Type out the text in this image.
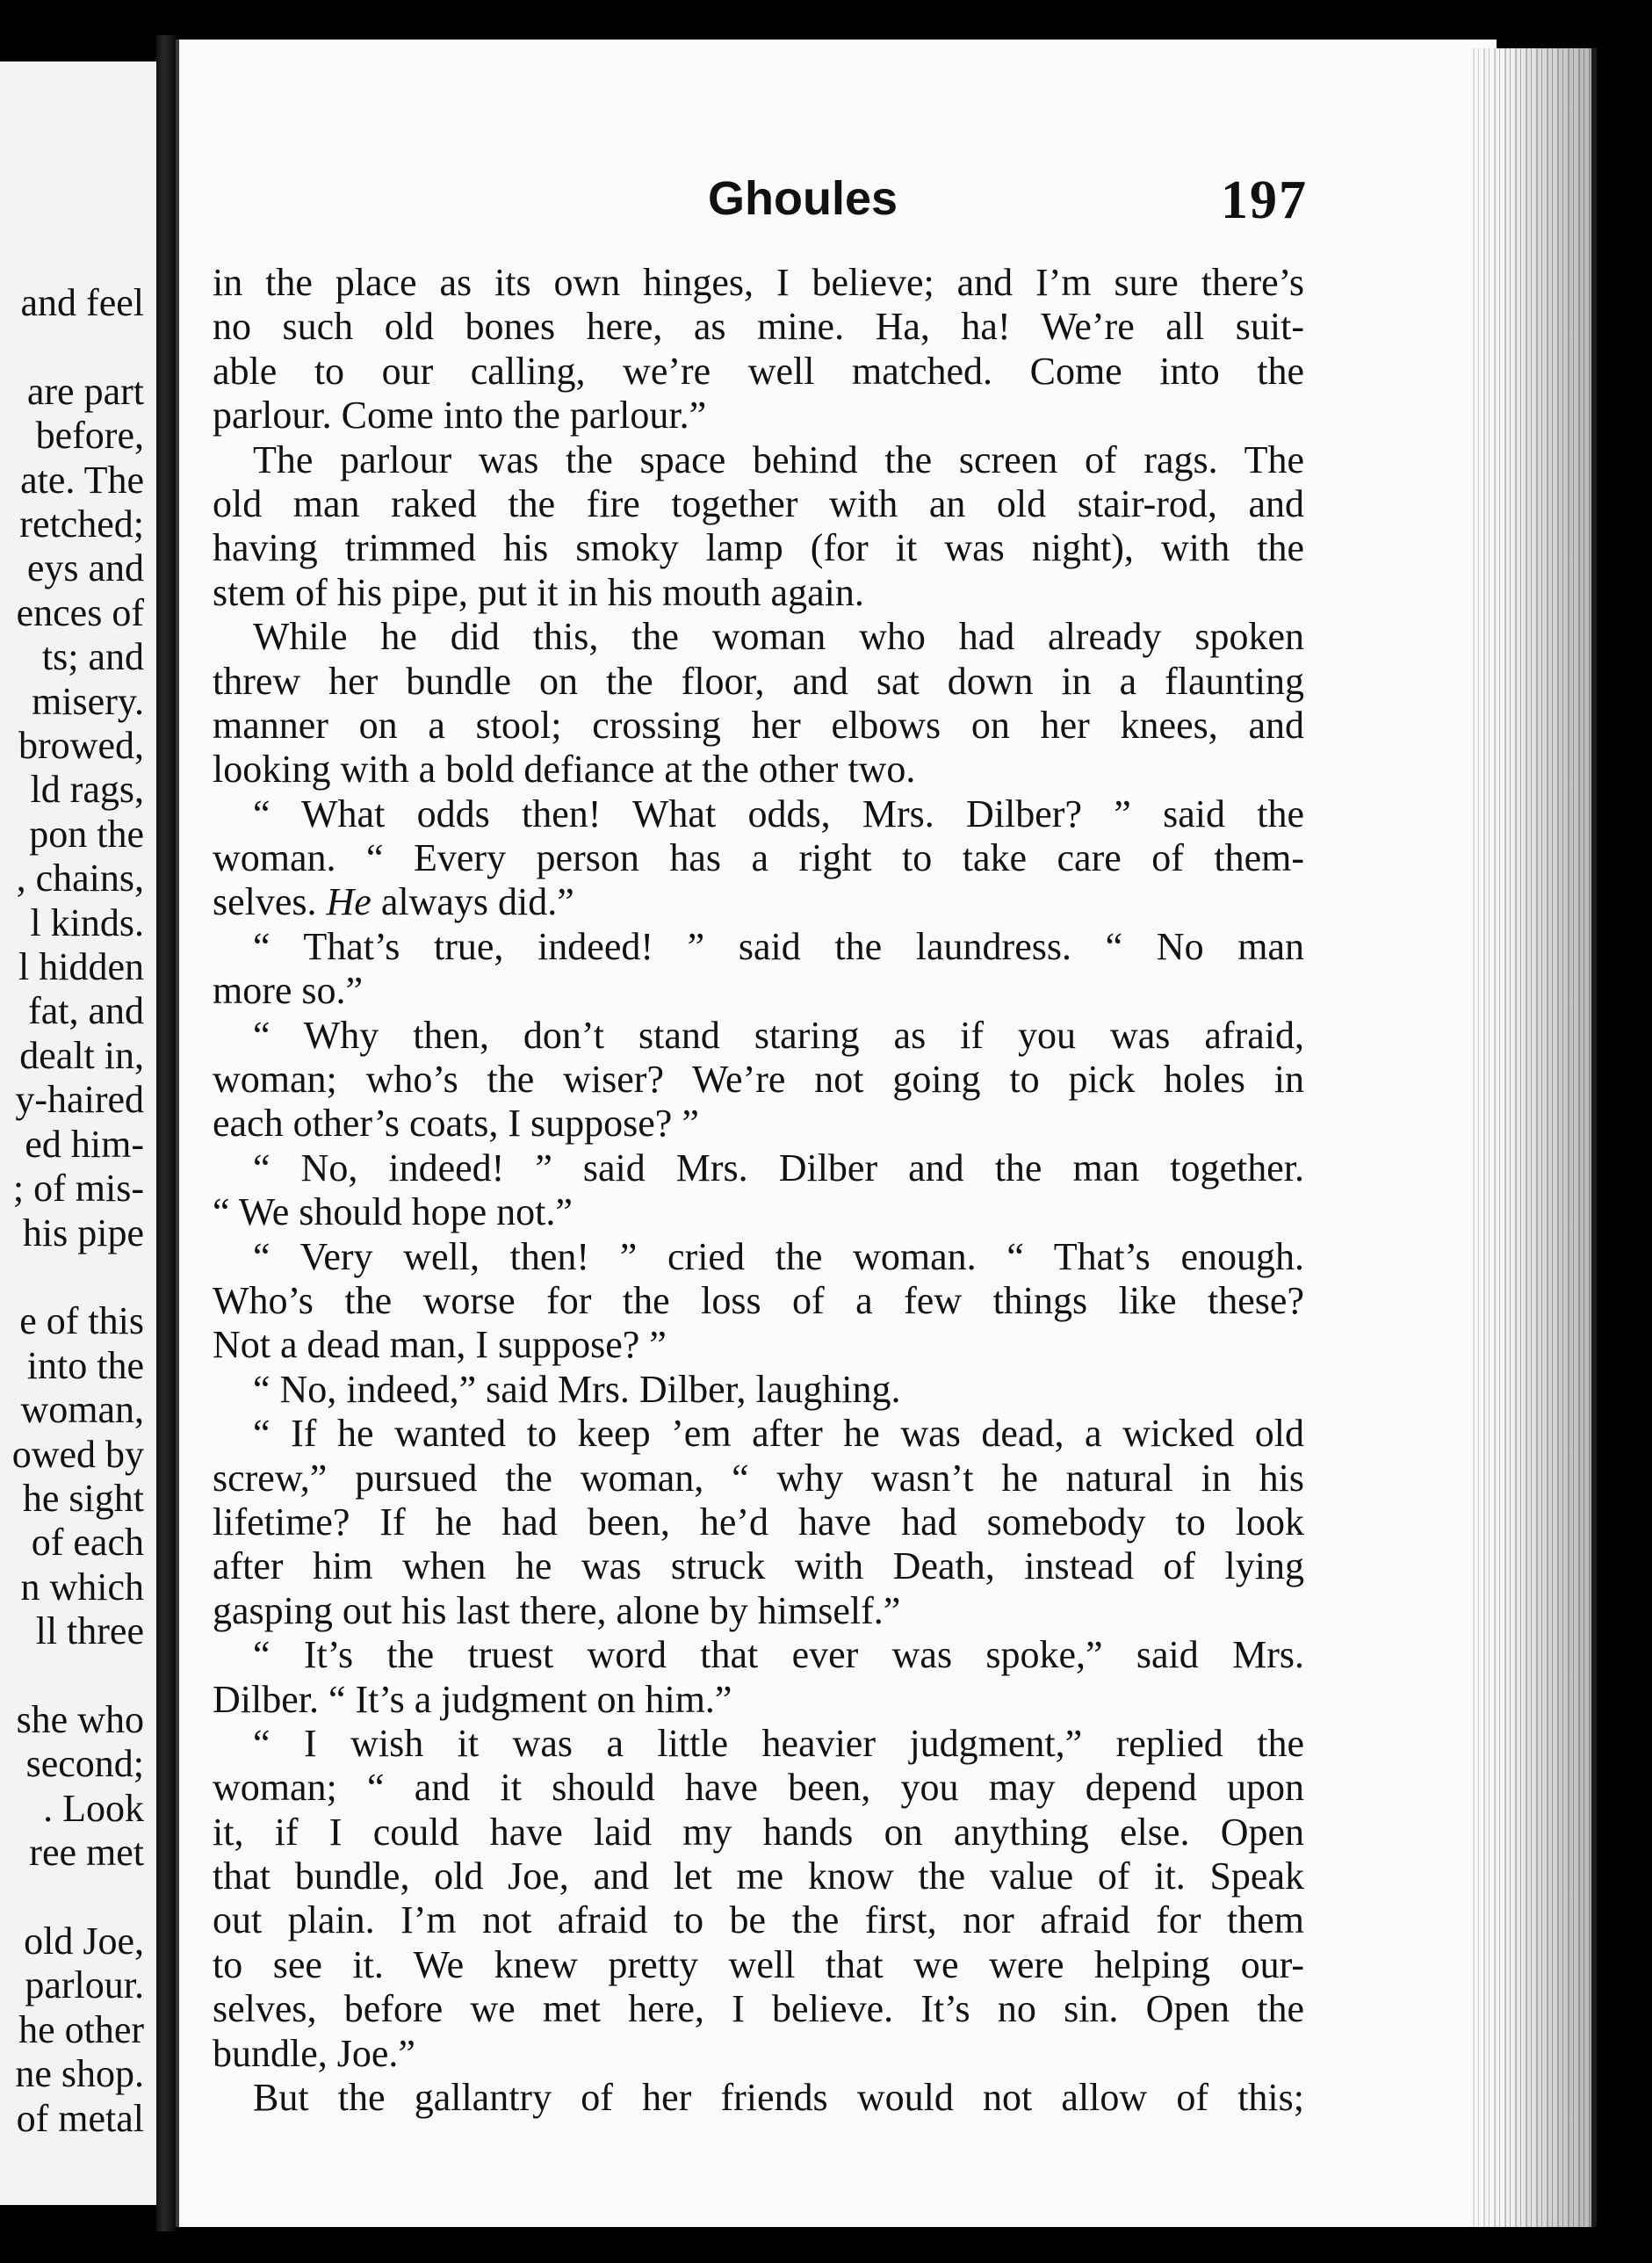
and feel
are part
before,
ate. The
retched;
eys and
ences of
ts; and
misery.
browed,
ld rags,
pon the
, chains,
l kinds.
l hidden
fat, and
dealt in,
y-haired
ed him-
; of mis-
his pipe
e of this
into the
woman,
owed by
he sight
of each
n which
ll three
she who
second;
. Look
ree met
old Joe,
parlour.
he other
ne shop.
of metal
Ghoules	197
in the place as its own hinges, I believe; and I’m sure there’s
no such old bones here, as mine. Ha, ha! We’re all suit-
able to our calling, we’re well matched. Come into the
parlour. Come into the parlour.”
The parlour was the space behind the screen of rags. The
old man raked the fire together with an old stair-rod, and
having trimmed his smoky lamp (for it was night), with the
stem of his pipe, put it in his mouth again.
While he did this, the woman who had already spoken
threw her bundle on the floor, and sat down in a flaunting
manner on a stool; crossing her elbows on her knees, and
looking with a bold defiance at the other two.
“ What odds then! What odds, Mrs. Dilber? ” said the
woman. “ Every person has a right to take care of them-
selves. He always did.”
“ That’s true, indeed! ” said the laundress. “ No man
more so.”
“ Why then, don’t stand staring as if you was afraid,
woman; who’s the wiser? We’re not going to pick holes in
each other’s coats, I suppose? ”
“ No, indeed! ” said Mrs. Dilber and the man together.
“ We should hope not.”
“ Very well, then! ” cried the woman. “ That’s enough.
Who’s the worse for the loss of a few things like these?
Not a dead man, I suppose? ”
“ No, indeed,” said Mrs. Dilber, laughing.
“ If he wanted to keep ’em after he was dead, a wicked old
screw,” pursued the woman, “ why wasn’t he natural in his
lifetime? If he had been, he’d have had somebody to look
after him when he was struck with Death, instead of lying
gasping out his last there, alone by himself.”
“ It’s the truest word that ever was spoke,” said Mrs.
Dilber. “ It’s a judgment on him.”
“ I wish it was a little heavier judgment,” replied the
woman; “ and it should have been, you may depend upon
it, if I could have laid my hands on anything else. Open
that bundle, old Joe, and let me know the value of it. Speak
out plain. I’m not afraid to be the first, nor afraid for them
to see it. We knew pretty well that we were helping our-
selves, before we met here, I believe. It’s no sin. Open the
bundle, Joe.”
But the gallantry of her friends would not allow of this;
